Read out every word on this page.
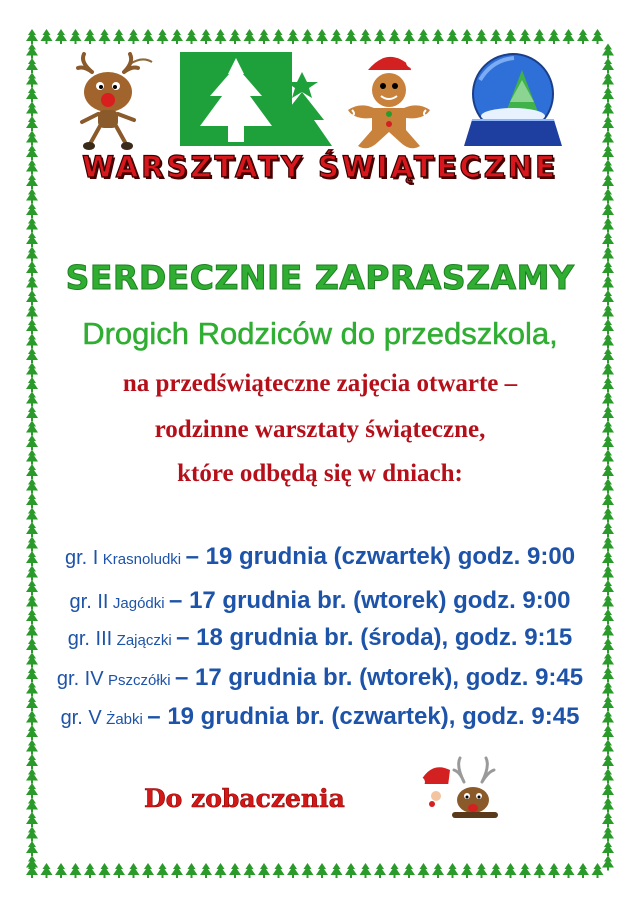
WARSZTATY ŚWIĄTECZNE
SERDECZNIE ZAPRASZAMY
Drogich Rodziców do przedszkola,
na przedświąteczne zajęcia otwarte –
rodzinne warsztaty świąteczne,
które odbędą się w dniach:
gr. I Krasnoludki – 19 grudnia (czwartek) godz. 9:00
gr. II Jagódki – 17 grudnia br. (wtorek) godz. 9:00
gr. III Zajączki – 18 grudnia br. (środa), godz. 9:15
gr. IV Pszczółki – 17 grudnia br. (wtorek), godz. 9:45
gr. V Żabki – 19 grudnia br. (czwartek), godz. 9:45
Do zobaczenia
